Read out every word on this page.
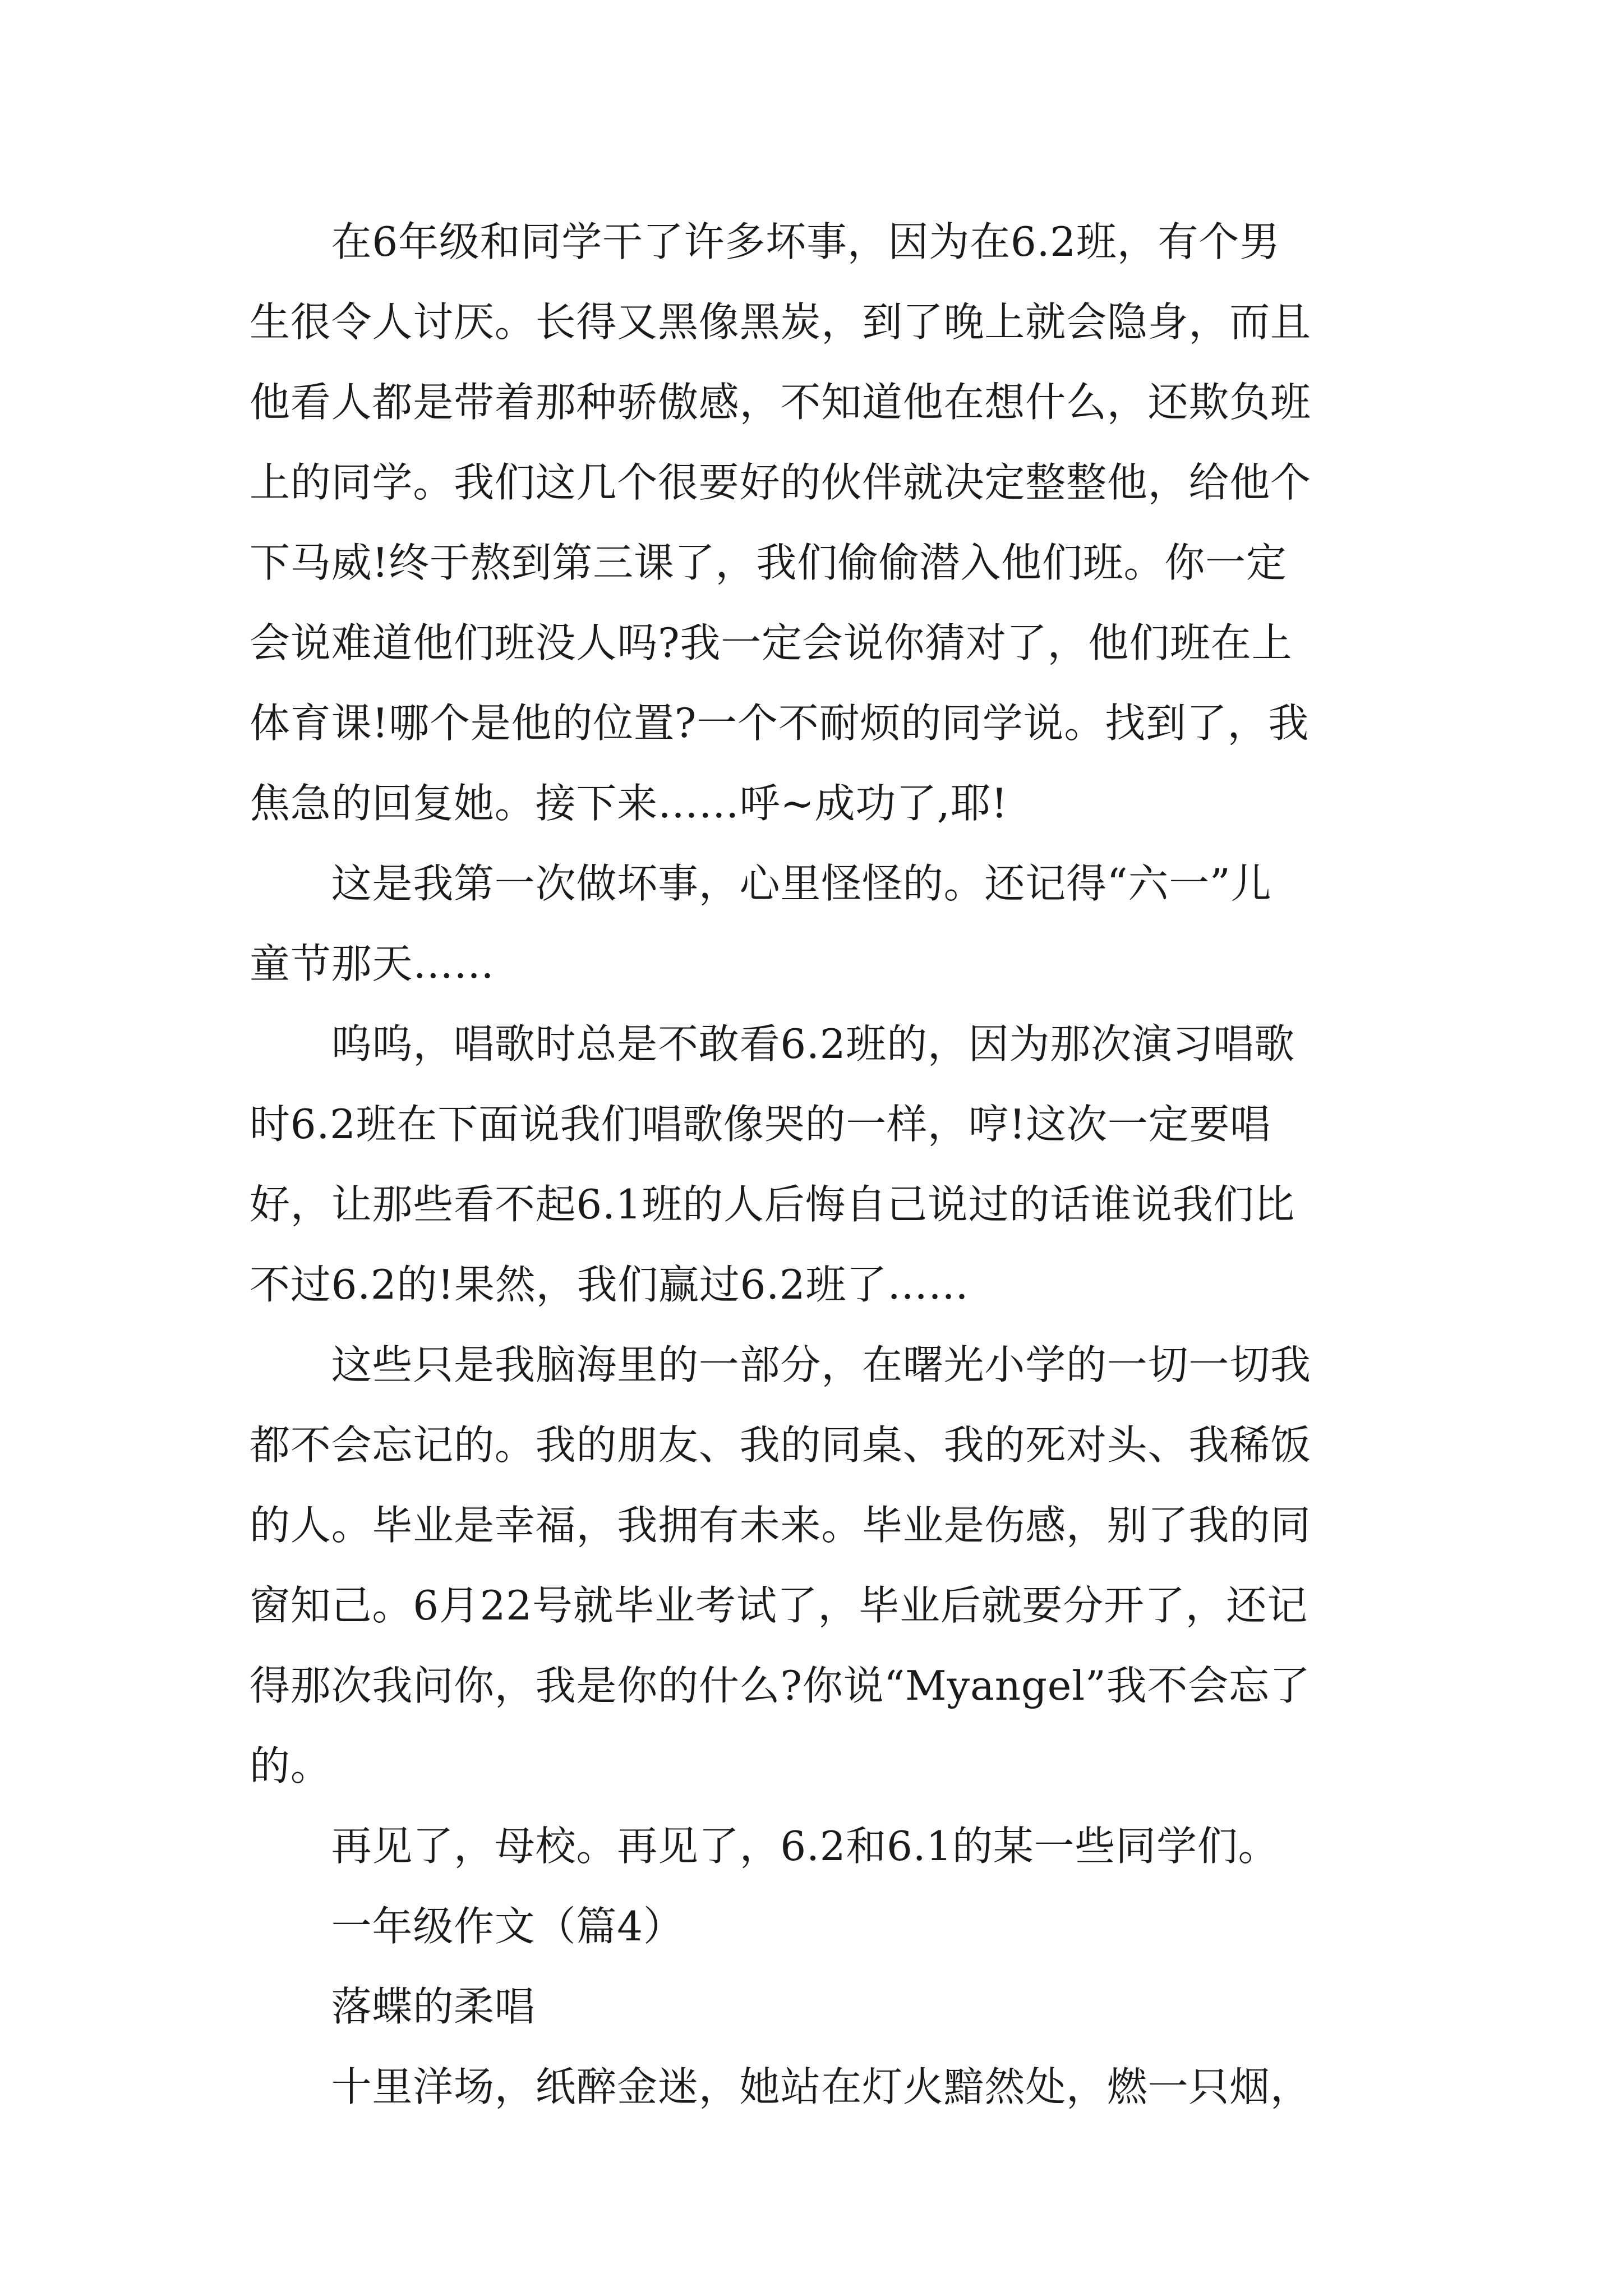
　　在6年级和同学干了许多坏事，因为在6.2班，有个男
生很令人讨厌。长得又黑像黑炭，到了晚上就会隐身，而且
他看人都是带着那种骄傲感，不知道他在想什么，还欺负班
上的同学。我们这几个很要好的伙伴就决定整整他，给他个
下马威!终于熬到第三课了，我们偷偷潜入他们班。你一定
会说难道他们班没人吗?我一定会说你猜对了，他们班在上
体育课!哪个是他的位置?一个不耐烦的同学说。找到了，我
焦急的回复她。接下来……呼~成功了,耶!
　　这是我第一次做坏事，心里怪怪的。还记得“六一”儿
童节那天……
　　呜呜，唱歌时总是不敢看6.2班的，因为那次演习唱歌
时6.2班在下面说我们唱歌像哭的一样，哼!这次一定要唱
好，让那些看不起6.1班的人后悔自己说过的话谁说我们比
不过6.2的!果然，我们赢过6.2班了……
　　这些只是我脑海里的一部分，在曙光小学的一切一切我
都不会忘记的。我的朋友、我的同桌、我的死对头、我稀饭
的人。毕业是幸福，我拥有未来。毕业是伤感，别了我的同
窗知己。6月22号就毕业考试了，毕业后就要分开了，还记
得那次我问你，我是你的什么?你说“Myangel”我不会忘了
的。
　　再见了，母校。再见了，6.2和6.1的某一些同学们。
　　一年级作文（篇4）
　　落蝶的柔唱
　　十里洋场，纸醉金迷，她站在灯火黯然处，燃一只烟，
